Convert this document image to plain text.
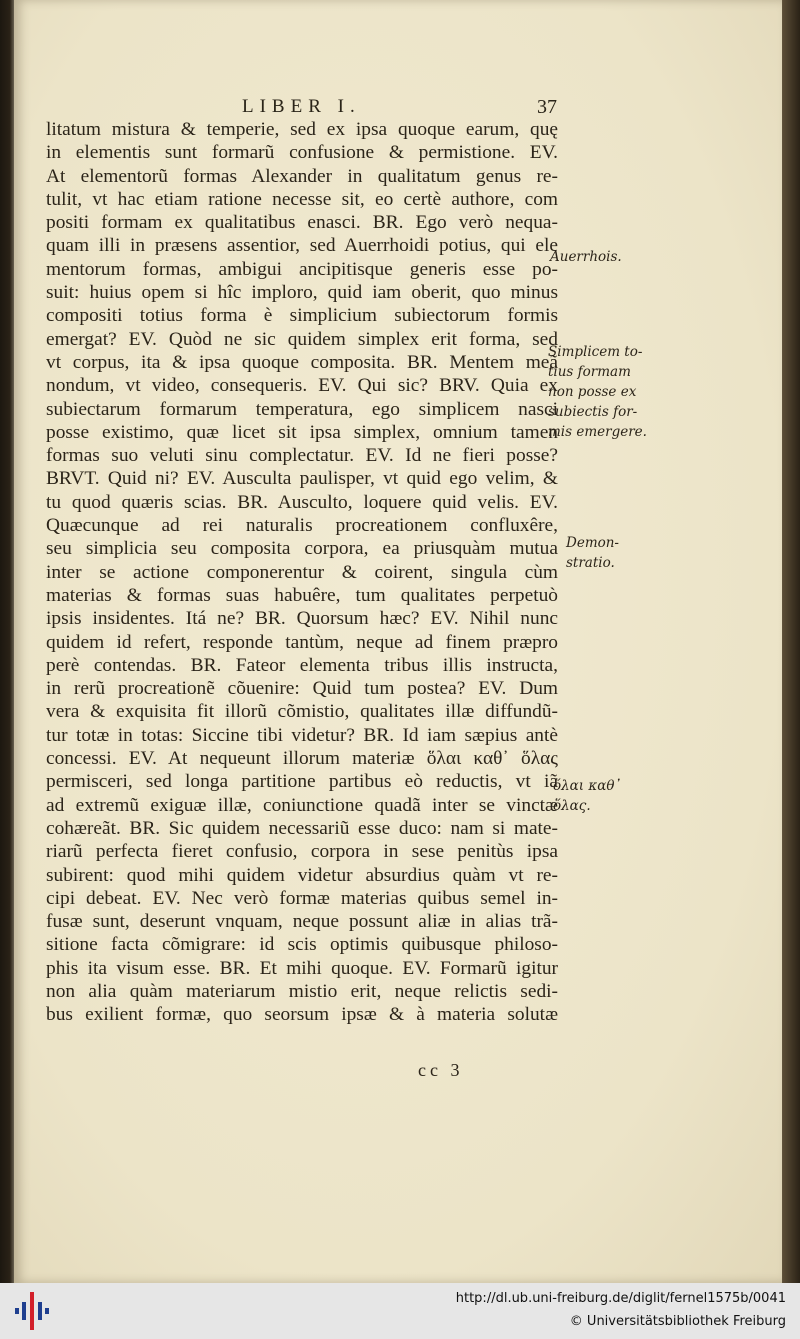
LIBER I.	37
litatum mistura & temperie, sed ex ipsa quoque earum, quę
in elementis sunt formarũ confusione & permistione. EV.
At elementorũ formas Alexander in qualitatum genus re-
tulit, vt hac etiam ratione necesse sit, eo certè authore, com
positi formam ex qualitatibus enasci. BR. Ego verò nequa-
quam illi in præsens assentior, sed Auerrhoidi potius, qui ele
mentorum formas, ambigui ancipitisque generis esse po-
suit: huius opem si hîc imploro, quid iam oberit, quo minus
compositi totius forma è simplicium subiectorum formis
emergat? EV. Quòd ne sic quidem simplex erit forma, sed
vt corpus, ita & ipsa quoque composita. BR. Mentem meã
nondum, vt video, consequeris. EV. Qui sic? BRV. Quia ex
subiectarum formarum temperatura, ego simplicem nasci
posse existimo, quæ licet sit ipsa simplex, omnium tamen
formas suo veluti sinu complectatur. EV. Id ne fieri posse?
BRVT. Quid ni? EV. Ausculta paulisper, vt quid ego velim, &
tu quod quæris scias. BR. Ausculto, loquere quid velis. EV.
Quæcunque ad rei naturalis procreationem confluxêre,
seu simplicia seu composita corpora, ea priusquàm mutua
inter se actione componerentur & coirent, singula cùm
materias & formas suas habuêre, tum qualitates perpetuò
ipsis insidentes. Itá ne? BR. Quorsum hæc? EV. Nihil nunc
quidem id refert, responde tantùm, neque ad finem præpro
perè contendas. BR. Fateor elementa tribus illis instructa,
in rerũ procreationẽ cõuenire: Quid tum postea? EV. Dum
vera & exquisita fit illorũ cõmistio, qualitates illæ diffundũ-
tur totæ in totas: Siccine tibi videtur? BR. Id iam sæpius antè
concessi. EV. At nequeunt illorum materiæ ὅλαι καθ᾿ ὅλας
permisceri, sed longa partitione partibus eò reductis, vt iã
ad extremũ exiguæ illæ, coniunctione quadã inter se vinctæ
cohæreãt. BR. Sic quidem necessariũ esse duco: nam si mate-
riarũ perfecta fieret confusio, corpora in sese penitùs ipsa
subirent: quod mihi quidem videtur absurdius quàm vt re-
cipi debeat. EV. Nec verò formæ materias quibus semel in-
fusæ sunt, deserunt vnquam, neque possunt aliæ in alias trã-
sitione facta cõmigrare: id scis optimis quibusque philoso-
phis ita visum esse. BR. Et mihi quoque. EV. Formarũ igitur
non alia quàm materiarum mistio erit, neque relictis sedi-
bus exilient formæ, quo seorsum ipsæ & à materia solutæ
Auerrhois.
Simplicem to-
tius formam
non posse ex
subiectis for-
mis emergere.
Demon-
stratio.
ὅλαι καθ᾿
ὅλας.
cc 3
http://dl.ub.uni-freiburg.de/diglit/fernel1575b/0041
© Universitätsbibliothek Freiburg
